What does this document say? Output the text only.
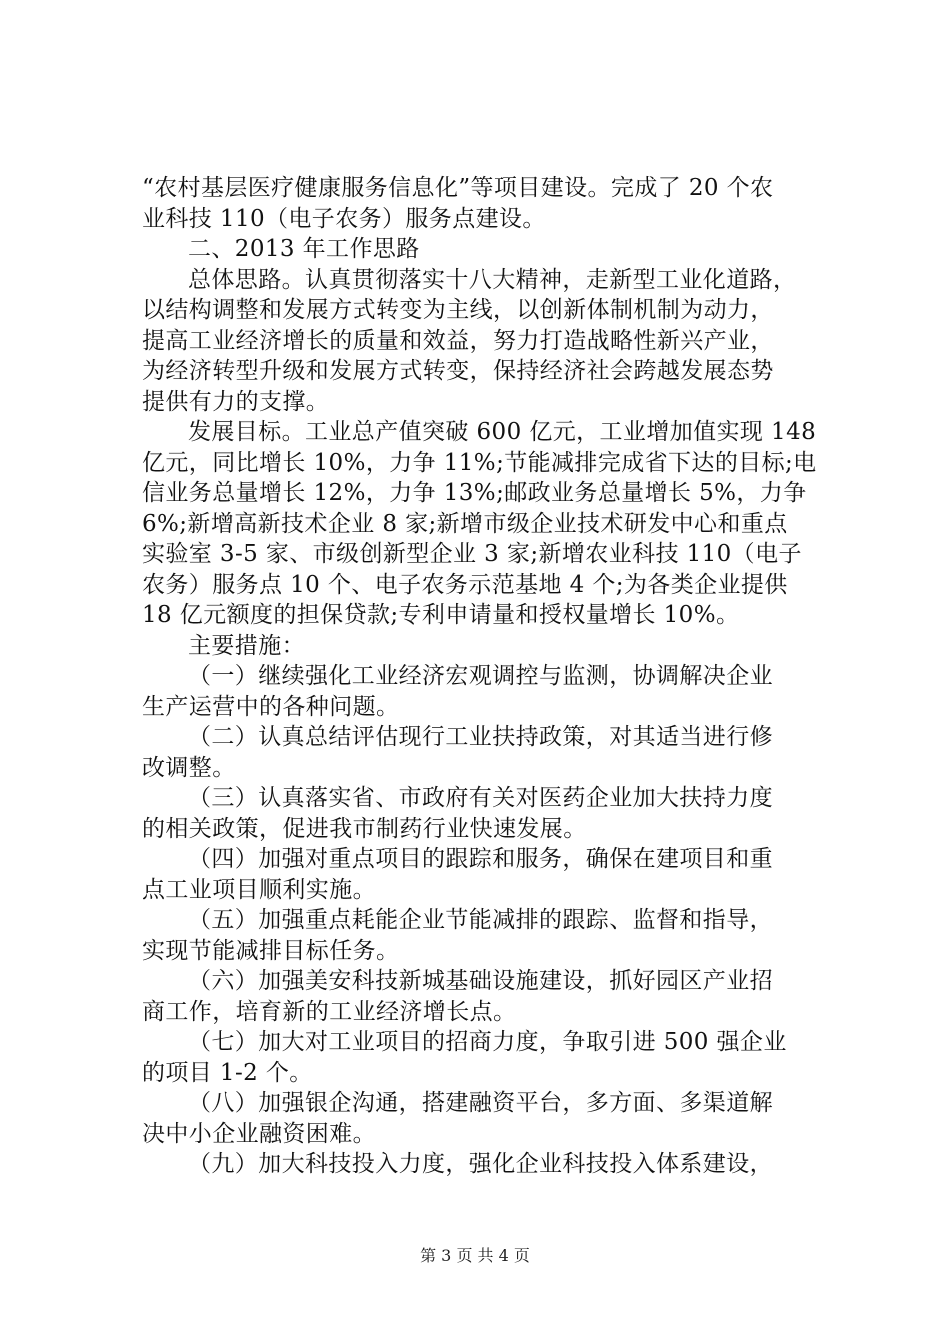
“农村基层医疗健康服务信息化”等项目建设。完成了 20 个农
业科技 110（电子农务）服务点建设。

二、2013 年工作思路

总体思路。认真贯彻落实十八大精神，走新型工业化道路，
以结构调整和发展方式转变为主线，以创新体制机制为动力，
提高工业经济增长的质量和效益，努力打造战略性新兴产业，
为经济转型升级和发展方式转变，保持经济社会跨越发展态势
提供有力的支撑。

发展目标。工业总产值突破 600 亿元，工业增加值实现 148
亿元，同比增长 10%，力争 11%;节能减排完成省下达的目标;电
信业务总量增长 12%，力争 13%;邮政业务总量增长 5%，力争
6%;新增高新技术企业 8 家;新增市级企业技术研发中心和重点
实验室 3-5 家、市级创新型企业 3 家;新增农业科技 110（电子
农务）服务点 10 个、电子农务示范基地 4 个;为各类企业提供
18 亿元额度的担保贷款;专利申请量和授权量增长 10%。

主要措施：

（一）继续强化工业经济宏观调控与监测，协调解决企业
生产运营中的各种问题。

（二）认真总结评估现行工业扶持政策，对其适当进行修
改调整。

（三）认真落实省、市政府有关对医药企业加大扶持力度
的相关政策，促进我市制药行业快速发展。

（四）加强对重点项目的跟踪和服务，确保在建项目和重
点工业项目顺利实施。

（五）加强重点耗能企业节能减排的跟踪、监督和指导，
实现节能减排目标任务。

（六）加强美安科技新城基础设施建设，抓好园区产业招
商工作，培育新的工业经济增长点。

（七）加大对工业项目的招商力度，争取引进 500 强企业
的项目 1-2 个。

（八）加强银企沟通，搭建融资平台，多方面、多渠道解
决中小企业融资困难。

（九）加大科技投入力度，强化企业科技投入体系建设，

第 3 页 共 4 页
